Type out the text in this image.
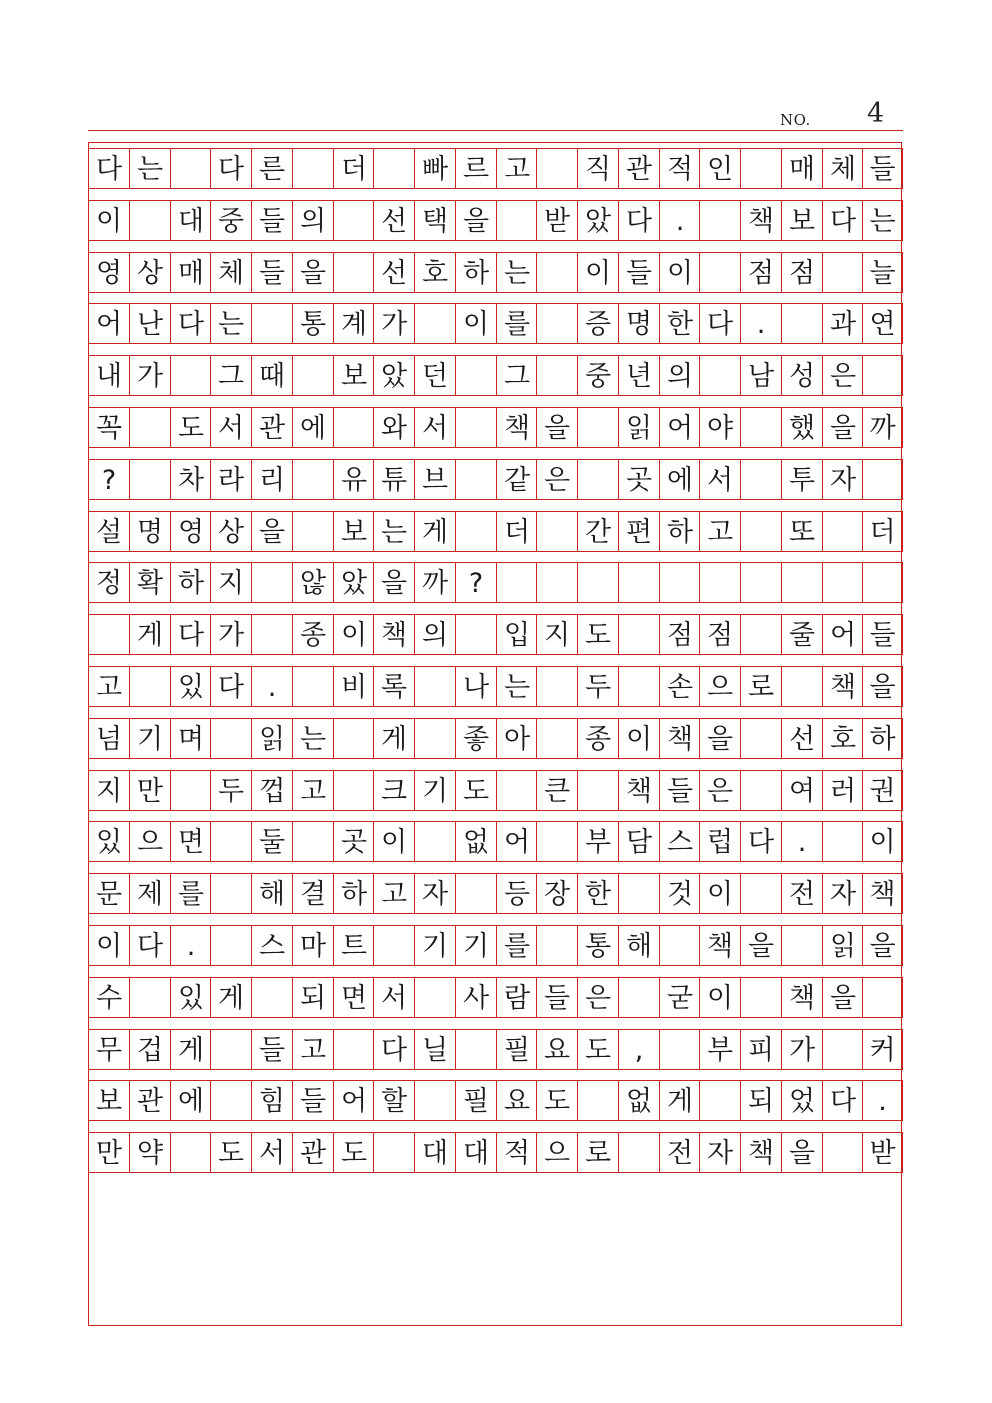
NO. 4
다 는 다 른 더 빠 르 고 직 관 적 인 매 체 들
이 대 중 들 의 선 택 을 받 았 다 .	책 보 다 는
영 상 매 체 들 을 선 호 하 는 이 들 이 점 점 늘
어 난 다 는 통 계 가 이 를 증 명 한 다 .	과 연
내 가 그 때 보 았 던 그 중 년 의 남 성 은
꼭 도 서 관 에 와 서 책 을 읽 어 야 했 을 까
?	차 라 리 유 튜 브 같 은 곳 에 서 투 자
설 명 영 상 을 보 는 게 더 간 편 하 고 또 더
정 확 하 지 않 았 을 까 ?
게 다 가 종 이 책 의 입 지 도 점 점 줄 어 들
고 있 다 .	비 록 나 는 두 손 으 로 책 을
넘 기 며 읽 는 게 좋 아 종 이 책 을 선 호 하
지 만 두 껍 고 크 기 도 큰 책 들 은 여 러 권
있 으 면 둘 곳 이 없 어 부 담 스 럽 다 .	이
문 제 를 해 결 하 고 자 등 장 한 것 이 전 자 책
이 다 .	스 마 트 기 기 를 통 해 책 을 읽 을
수 있 게 되 면 서 사 람 들 은 굳 이 책 을
무 겁 게 들 고 다 닐 필 요 도 ,	부 피 가 커
보 관 에 힘 들 어 할 필 요 도 없 게 되 었 다 .
만 약 도 서 관 도 대 대 적 으 로 전 자 책 을 받
